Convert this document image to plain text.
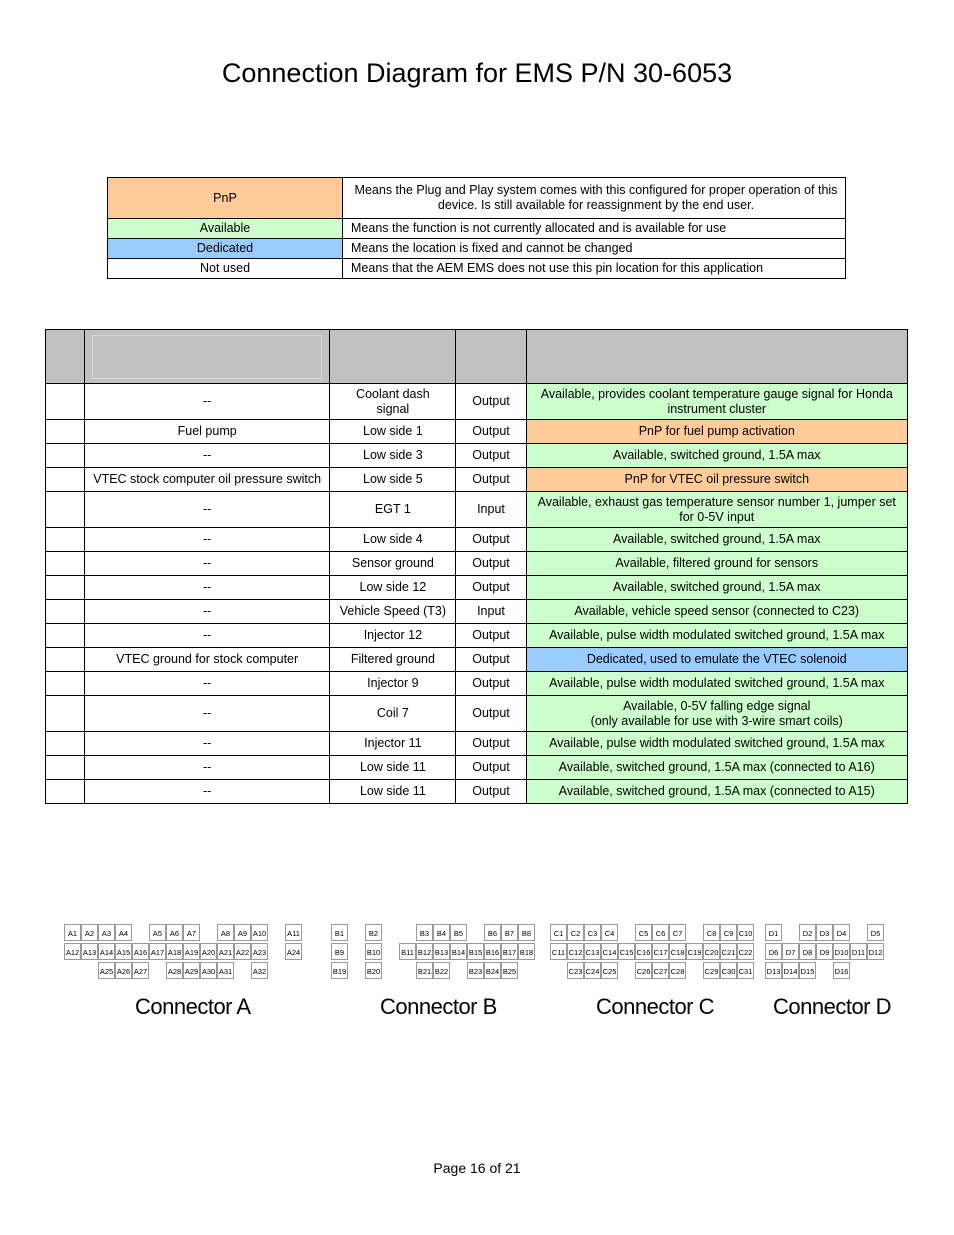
Connection Diagram for EMS P/N 30-6053
PnP	Means the Plug and Play system comes with this configured for proper operation of this device. Is still available for reassignment by the end user.
Available	Means the function is not currently allocated and is available for use
Dedicated	Means the location is fixed and cannot be changed
Not used	Means that the AEM EMS does not use this pin location for this application

	--	Coolant dash signal	Output	Available, provides coolant temperature gauge signal for Honda instrument cluster
	Fuel pump	Low side 1	Output	PnP for fuel pump activation
	--	Low side 3	Output	Available, switched ground, 1.5A max
	VTEC stock computer oil pressure switch	Low side 5	Output	PnP for VTEC oil pressure switch
	--	EGT 1	Input	Available, exhaust gas temperature sensor number 1, jumper set for 0-5V input
	--	Low side 4	Output	Available, switched ground, 1.5A max
	--	Sensor ground	Output	Available, filtered ground for sensors
	--	Low side 12	Output	Available, switched ground, 1.5A max
	--	Vehicle Speed (T3)	Input	Available, vehicle speed sensor (connected to C23)
	--	Injector 12	Output	Available, pulse width modulated switched ground, 1.5A max
	VTEC ground for stock computer	Filtered ground	Output	Dedicated, used to emulate the VTEC solenoid
	--	Injector 9	Output	Available, pulse width modulated switched ground, 1.5A max
	--	Coil 7	Output	Available, 0-5V falling edge signal
(only available for use with 3-wire smart coils)
	--	Injector 11	Output	Available, pulse width modulated switched ground, 1.5A max
	--	Low side 11	Output	Available, switched ground, 1.5A max (connected to A16)
	--	Low side 11	Output	Available, switched ground, 1.5A max (connected to A15)
A1	A2	A3	A4	A5	A6	A7	A8	A9 A10	A11
A12 A13 A14 A15 A16 A17 A18 A19 A20 A21 A22 A23	A24
A25 A26 A27	A28 A29 A30 A31	A32
B1	B2	B3	B4	B5	B6	B7	B8
B9	B10	B11 B12 B13 B14 B15 B16 B17 B18
B19	B20	B21 B22	B23 B24 B25
C1 C2 C3 C4	C5 C6 C7	C8 C9 C10
C11 C12 C13 C14 C15 C16 C17 C18 C19 C20 C21 C22
C23 C24 C25	C26 C27 C28	C29 C30 C31
D1	D2 D3 D4	D5
D6 D7 D8 D9 D10 D11 D12
D13 D14 D15	D16
Connector A	Connector B	Connector C	Connector D
Page 16 of 21
